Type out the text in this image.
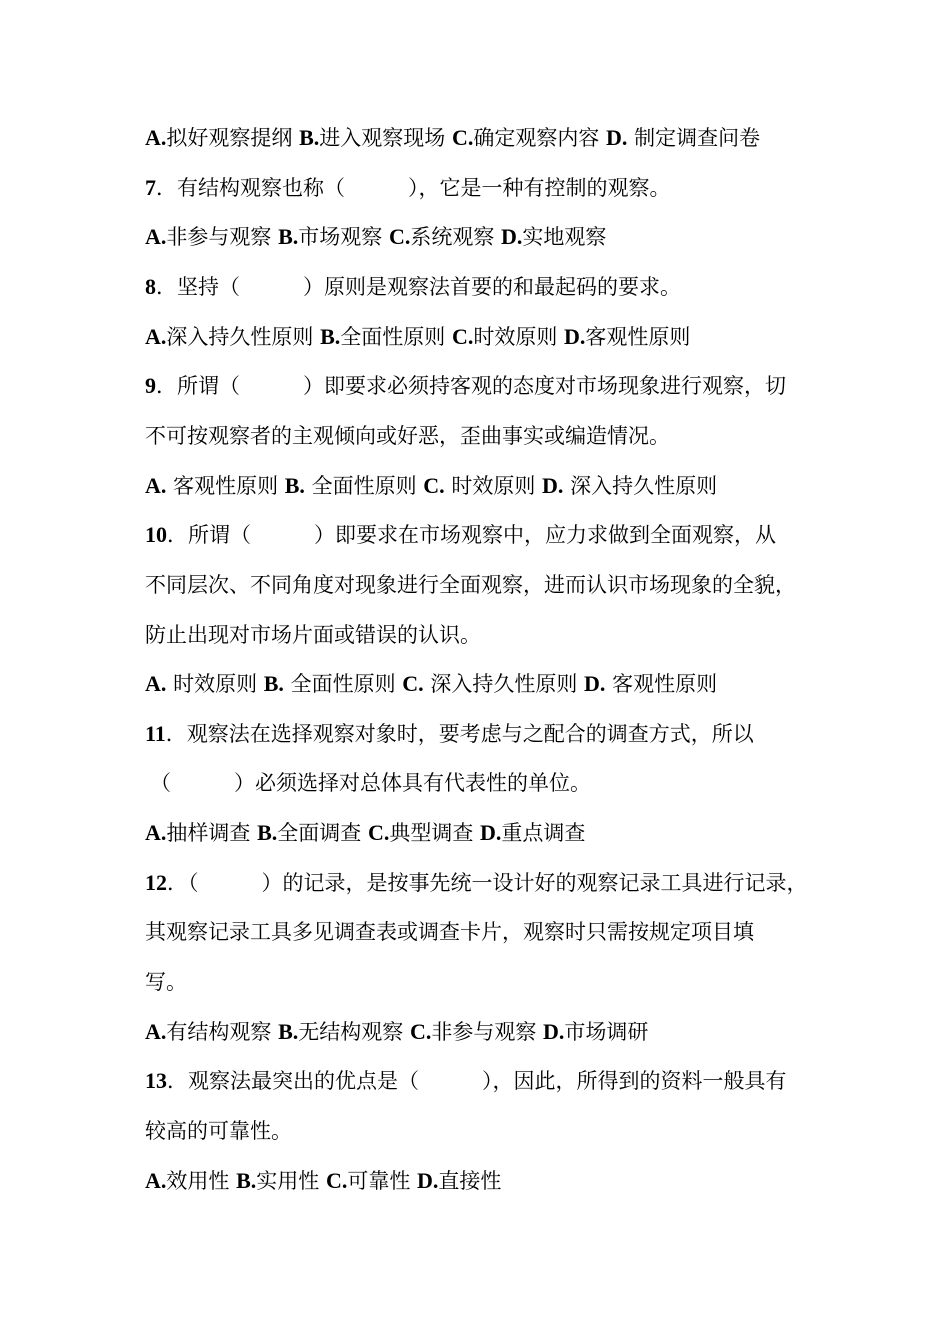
A.拟好观察提纲 B.进入观察现场 C.确定观察内容 D. 制定调查问卷
7．有结构观察也称（　　　），它是一种有控制的观察。
A.非参与观察 B.市场观察 C.系统观察 D.实地观察
8．坚持（　　　）原则是观察法首要的和最起码的要求。
A.深入持久性原则 B.全面性原则 C.时效原则 D.客观性原则
9．所谓（　　　）即要求必须持客观的态度对市场现象进行观察，切
不可按观察者的主观倾向或好恶，歪曲事实或编造情况。
A. 客观性原则 B. 全面性原则 C. 时效原则 D. 深入持久性原则
10．所谓（　　　）即要求在市场观察中，应力求做到全面观察，从
不同层次、不同角度对现象进行全面观察，进而认识市场现象的全貌，
防止出现对市场片面或错误的认识。
A. 时效原则 B. 全面性原则 C. 深入持久性原则 D. 客观性原则
11．观察法在选择观察对象时，要考虑与之配合的调查方式，所以
（　　　）必须选择对总体具有代表性的单位。
A.抽样调查 B.全面调查 C.典型调查 D.重点调查
12．（　　　）的记录，是按事先统一设计好的观察记录工具进行记录，
其观察记录工具多见调查表或调查卡片，观察时只需按规定项目填
写。
A.有结构观察 B.无结构观察 C.非参与观察 D.市场调研
13．观察法最突出的优点是（　　　），因此，所得到的资料一般具有
较高的可靠性。
A.效用性 B.实用性 C.可靠性 D.直接性
